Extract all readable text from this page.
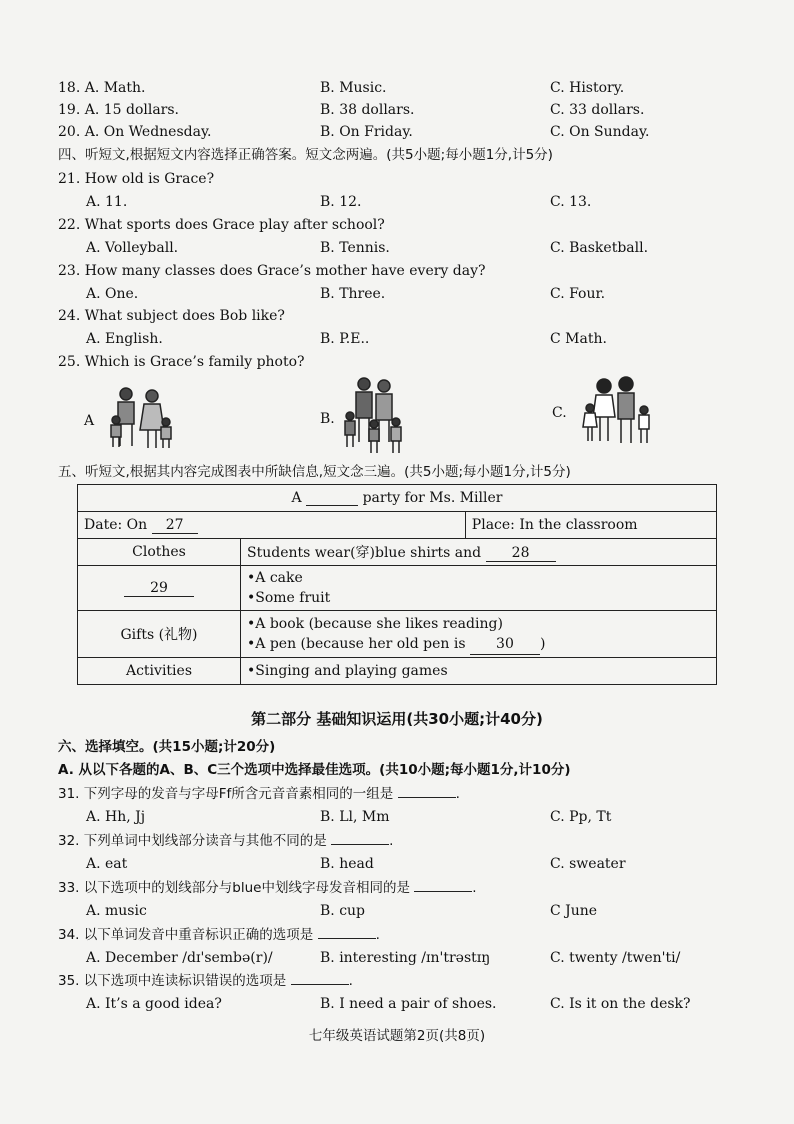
18. A. Math.	B. Music.	C. History.
19. A. 15 dollars.	B. 38 dollars.	C. 33 dollars.
20. A. On Wednesday.	B. On Friday.	C. On Sunday.
四、听短文,根据短文内容选择正确答案。短文念两遍。(共5小题;每小题1分,计5分)
21. How old is Grace?
A. 11.	B. 12.	C. 13.
22. What sports does Grace play after school?
A. Volleyball.	B. Tennis.	C. Basketball.
23. How many classes does Grace’s mother have every day?
A. One.	B. Three.	C. Four.
24. What subject does Bob like?
A. English.	B. P.E..	C Math.
25. Which is Grace’s family photo?
A	B.	C.
五、听短文,根据其内容完成图表中所缺信息,短文念三遍。(共5小题;每小题1分,计5分)
A party for Ms. Miller		
Date: On 27		Place: In the classroom
Clothes	Students wear(穿)blue shirts and 28	
29	•A cake
•Some fruit	

Gifts (礼物)	•A book (because she likes reading)
•A pen (because her old pen is 30 )	

Activities	•Singing and playing games	
第二部分 基础知识运用(共30小题;计40分)
六、选择填空。(共15小题;计20分)
A. 从以下各题的A、B、C三个选项中选择最佳选项。(共10小题;每小题1分,计10分)
31. 下列字母的发音与字母Ff所含元音音素相同的一组是	.
A. Hh, Jj	B. Ll, Mm	C. Pp, Tt
32. 下列单词中划线部分读音与其他不同的是	.
A. eat	B. head	C. sweater
33. 以下选项中的划线部分与blue中划线字母发音相同的是	.
A. music	B. cup	C June
34. 以下单词发音中重音标识正确的选项是	.
A. December /dɪ'sembə(r)/	B. interesting /ɪn'trəstɪŋ	C. twenty /twen'ti/
35. 以下选项中连读标识错误的选项是	.
A. It’s a good idea?	B. I need a pair of shoes.	C. Is it on the desk?
七年级英语试题第2页(共8页)
